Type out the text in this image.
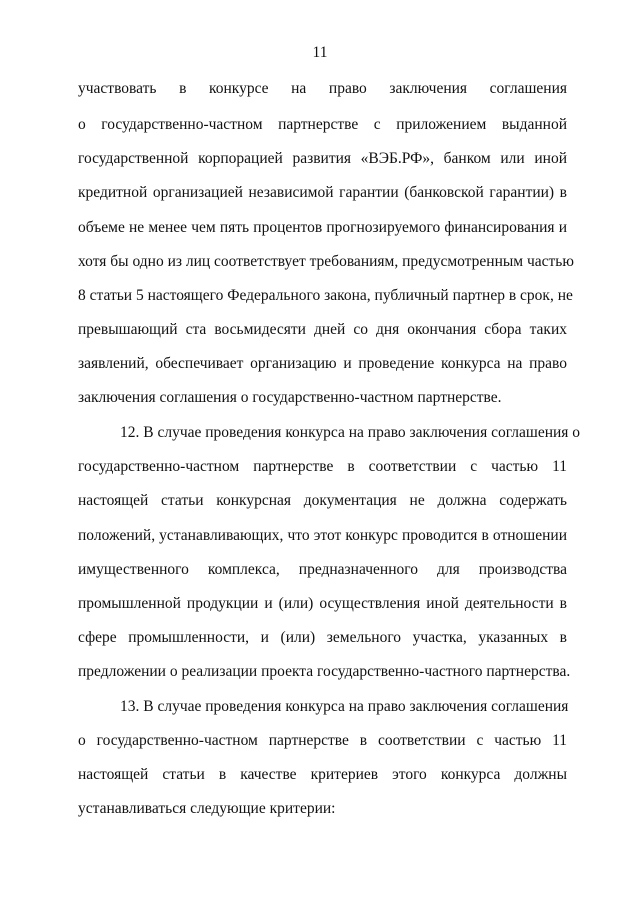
11
участвовать в конкурсе на право заключения соглашения
о государственно-частном партнерстве с приложением выданной
государственной корпорацией развития «ВЭБ.РФ», банком или иной
кредитной организацией независимой гарантии (банковской гарантии) в
объеме не менее чем пять процентов прогнозируемого финансирования и
хотя бы одно из лиц соответствует требованиям, предусмотренным частью
8 статьи 5 настоящего Федерального закона, публичный партнер в срок, не
превышающий ста восьмидесяти дней со дня окончания сбора таких
заявлений, обеспечивает организацию и проведение конкурса на право
заключения соглашения о государственно-частном партнерстве.
12. В случае проведения конкурса на право заключения соглашения о
государственно-частном партнерстве в соответствии с частью 11
настоящей статьи конкурсная документация не должна содержать
положений, устанавливающих, что этот конкурс проводится в отношении
имущественного комплекса, предназначенного для производства
промышленной продукции и (или) осуществления иной деятельности в
сфере промышленности, и (или) земельного участка, указанных в
предложении о реализации проекта государственно-частного партнерства.
13. В случае проведения конкурса на право заключения соглашения
о государственно-частном партнерстве в соответствии с частью 11
настоящей статьи в качестве критериев этого конкурса должны
устанавливаться следующие критерии:
